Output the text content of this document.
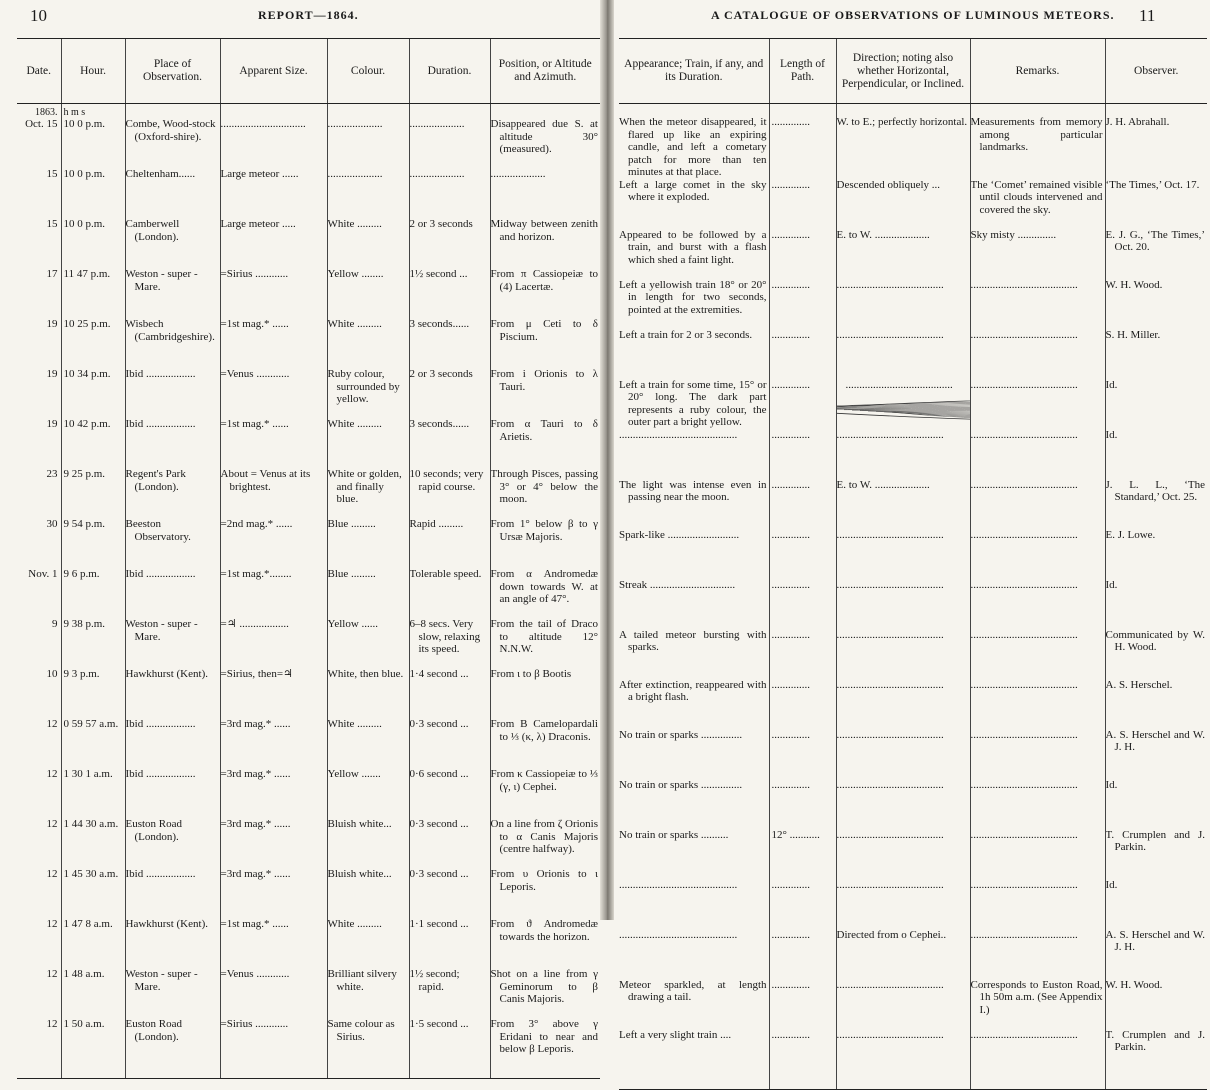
10	REPORT—1864.
Date.	Hour.	Place of Observation.	Apparent Size.	Colour.	Duration.	Position, or Altitude and Azimuth.
1863.	h m s					
Oct. 15	10 0 p.m.	Combe, Wood-stock (Oxford-shire).	...............................	....................	....................	Disappeared due S. at altitude 30° (measured).
15	10 0 p.m.	Cheltenham......	Large meteor ......	....................	....................	....................
15	10 0 p.m.	Camberwell (London).	Large meteor .....	White .........	2 or 3 seconds	Midway between zenith and horizon.
17	11 47 p.m.	Weston - super - Mare.	=Sirius ............	Yellow ........	1½ second ...	From π Cassiopeiæ to (4) Lacertæ.
19	10 25 p.m.	Wisbech (Cambridgeshire).	=1st mag.* ......	White .........	3 seconds......	From μ Ceti to δ Piscium.
19	10 34 p.m.	Ibid ..................	=Venus ............	Ruby colour, surrounded by yellow.	2 or 3 seconds	From i Orionis to λ Tauri.
19	10 42 p.m.	Ibid ..................	=1st mag.* ......	White .........	3 seconds......	From α Tauri to δ Arietis.
23	9 25 p.m.	Regent's Park (London).	About = Venus at its brightest.	White or golden, and finally blue.	10 seconds; very rapid course.	Through Pisces, passing 3° or 4° below the moon.
30	9 54 p.m.	Beeston Observatory.	=2nd mag.* ......	Blue .........	Rapid .........	From 1° below β to γ Ursæ Majoris.
Nov. 1	9 6 p.m.	Ibid ..................	=1st mag.*........	Blue .........	Tolerable speed.	From α Andromedæ down towards W. at an angle of 47°.
9	9 38 p.m.	Weston - super - Mare.	=♃ ..................	Yellow ......	6–8 secs. Very slow, relaxing its speed.	From the tail of Draco to altitude 12° N.N.W.
10	9 3 p.m.	Hawkhurst (Kent).	=Sirius, then=♃	White, then blue.	1·4 second ...	From ι to β Bootis
12	0 59 57 a.m.	Ibid ..................	=3rd mag.* ......	White .........	0·3 second ...	From B Camelopardali to ⅓ (κ, λ) Draconis.
12	1 30 1 a.m.	Ibid ..................	=3rd mag.* ......	Yellow .......	0·6 second ...	From κ Cassiopeiæ to ⅓ (γ, ι) Cephei.
12	1 44 30 a.m.	Euston Road (London).	=3rd mag.* ......	Bluish white...	0·3 second ...	On a line from ζ Orionis to α Canis Majoris (centre halfway).
12	1 45 30 a.m.	Ibid ..................	=3rd mag.* ......	Bluish white...	0·3 second ...	From υ Orionis to ι Leporis.
12	1 47 8 a.m.	Hawkhurst (Kent).	=1st mag.* ......	White .........	1·1 second ...	From ϑ Andromedæ towards the horizon.
12	1 48 a.m.	Weston - super - Mare.	=Venus ............	Brilliant silvery white.	1½ second; rapid.	Shot on a line from γ Geminorum to β Canis Majoris.
12	1 50 a.m.	Euston Road (London).	=Sirius ............	Same colour as Sirius.	1·5 second ...	From 3° above γ Eridani to near and below β Leporis.

A CATALOGUE OF OBSERVATIONS OF LUMINOUS METEORS. 11
Appearance; Train, if any, and its Duration.	Length of Path.	Direction; noting also whether Horizontal, Perpendicular, or Inclined.	Remarks.	Observer.

When the meteor disappeared, it flared up like an expiring candle, and left a cometary patch for more than ten minutes at that place.	..............	W. to E.; perfectly horizontal.	Measurements from memory among particular landmarks.	J. H. Abrahall.
Left a large comet in the sky where it exploded.	..............	Descended obliquely ...	The ‘Comet’ remained visible until clouds intervened and covered the sky.	‘The Times,’ Oct. 17.
Appeared to be followed by a train, and burst with a flash which shed a faint light.	..............	E. to W. ....................	Sky misty ..............	E. J. G., ‘The Times,’ Oct. 20.
Left a yellowish train 18° or 20° in length for two seconds, pointed at the extremities.	..............	.......................................	.......................................	W. H. Wood.
Left a train for 2 or 3 seconds.	..............	.......................................	.......................................	S. H. Miller.
Left a train for some time, 15° or 20° long. The dark part represents a ruby colour, the outer part a bright yellow.	..............	.......................................	.......................................	Id.
...........................................	..............	.......................................	.......................................	Id.
The light was intense even in passing near the moon.	..............	E. to W. ....................	.......................................	J. L. L., ‘The Standard,’ Oct. 25.
Spark-like ..........................	..............	.......................................	.......................................	E. J. Lowe.
Streak ...............................	..............	.......................................	.......................................	Id.
A tailed meteor bursting with sparks.	..............	.......................................	.......................................	Communicated by W. H. Wood.
After extinction, reappeared with a bright flash.	..............	.......................................	.......................................	A. S. Herschel.
No train or sparks ...............	..............	.......................................	.......................................	A. S. Herschel and W. J. H.
No train or sparks ...............	..............	.......................................	.......................................	Id.
No train or sparks ..........	12° ...........	.......................................	.......................................	T. Crumplen and J. Parkin.
...........................................	..............	.......................................	.......................................	Id.
...........................................	..............	Directed from o Cephei..	.......................................	A. S. Herschel and W. J. H.
Meteor sparkled, at length drawing a tail.	..............	.......................................	Corresponds to Euston Road, 1h 50m a.m. (See Appendix I.)	W. H. Wood.
Left a very slight train ....	..............	.......................................	.......................................	T. Crumplen and J. Parkin.
